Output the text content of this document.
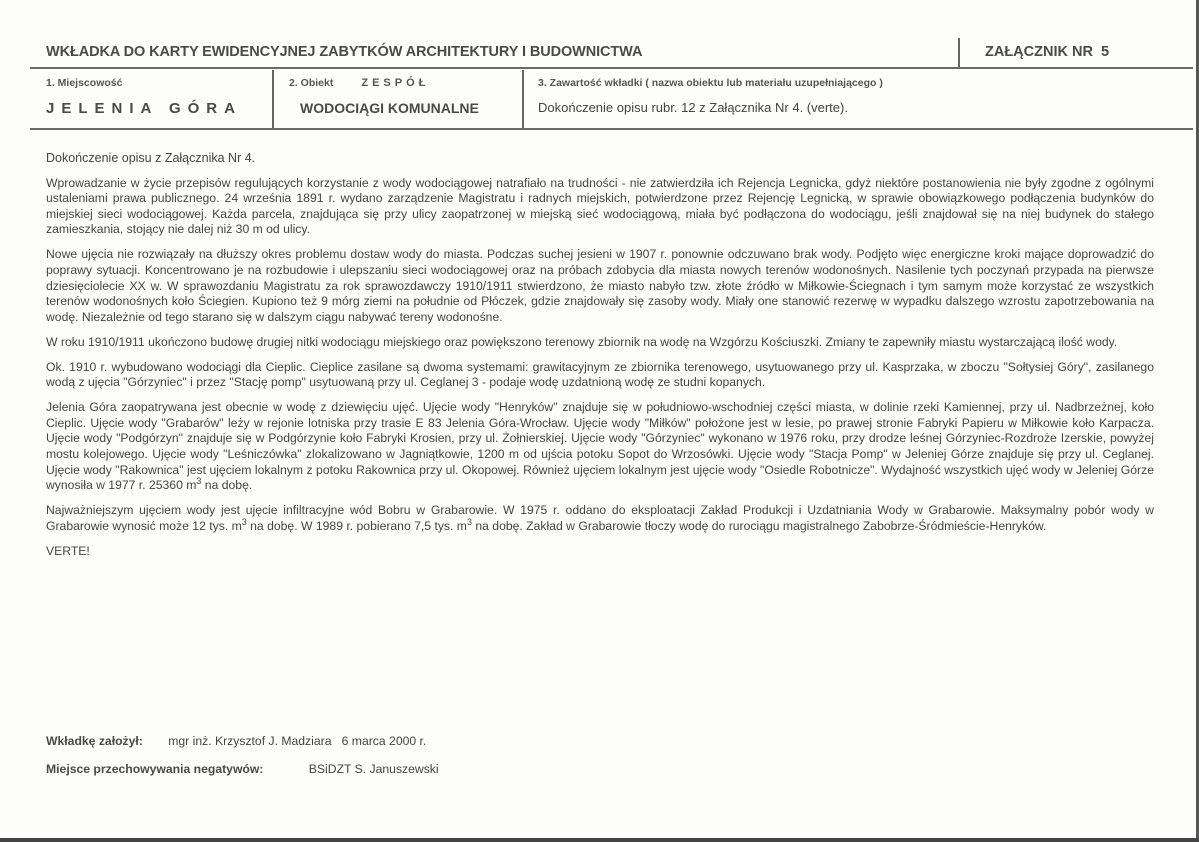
WKŁADKA DO KARTY EWIDENCYJNEJ ZABYTKÓW ARCHITEKTURY I BUDOWNICTWA	ZAŁĄCZNIK NR  5
1. Miejscowość
JELENIA GÓRA
2. Obiekt	ZESPÓŁ
WODOCIĄGI KOMUNALNE
3. Zawartość wkładki ( nazwa obiektu lub materiału uzupełniającego )
Dokończenie opisu rubr. 12 z Załącznika Nr 4. (verte).

Dokończenie opisu z Załącznika Nr 4.

Wprowadzanie w życie przepisów regulujących korzystanie z wody wodociągowej natrafiało na trudności - nie zatwierdziła ich Rejencja Legnicka, gdyż niektóre postanowienia nie były zgodne z ogólnymi ustaleniami prawa publicznego. 24 września 1891 r. wydano zarządzenie Magistratu i radnych miejskich, potwierdzone przez Rejencję Legnicką, w sprawie obowiązkowego podłączenia budynków do miejskiej sieci wodociągowej. Każda parcela, znajdująca się przy ulicy zaopatrzonej w miejską sieć wodociągową, miała być podłączona do wodociągu, jeśli znajdował się na niej budynek do stałego zamieszkania, stojący nie dalej niż 30 m od ulicy.

Nowe ujęcia nie rozwiązały na dłuższy okres problemu dostaw wody do miasta. Podczas suchej jesieni w 1907 r. ponownie odczuwano brak wody. Podjęto więc energiczne kroki mające doprowadzić do poprawy sytuacji. Koncentrowano je na rozbudowie i ulepszaniu sieci wodociągowej oraz na próbach zdobycia dla miasta nowych terenów wodonośnych. Nasilenie tych poczynań przypada na pierwsze dziesięciolecie XX w. W sprawozdaniu Magistratu za rok sprawozdawczy 1910/1911 stwierdzono, że miasto nabyło tzw. złote źródło w Miłkowie-Ściegnach i tym samym może korzystać ze wszystkich terenów wodonośnych koło Ściegien. Kupiono też 9 mórg ziemi na południe od Płóczek, gdzie znajdowały się zasoby wody. Miały one stanowić rezerwę w wypadku dalszego wzrostu zapotrzebowania na wodę. Niezależnie od tego starano się w dalszym ciągu nabywać tereny wodonośne.

W roku 1910/1911 ukończono budowę drugiej nitki wodociągu miejskiego oraz powiększono terenowy zbiornik na wodę na Wzgórzu Kościuszki. Zmiany te zapewniły miastu wystarczającą ilość wody.

Ok. 1910 r. wybudowano wodociągi dla Cieplic. Cieplice zasilane są dwoma systemami: grawitacyjnym ze zbiornika terenowego, usytuowanego przy ul. Kasprzaka, w zboczu "Sołtysiej Góry", zasilanego wodą z ujęcia "Górzyniec" i przez "Stację pomp" usytuowaną przy ul. Ceglanej 3 - podaje wodę uzdatnioną wodę ze studni kopanych.

Jelenia Góra zaopatrywana jest obecnie w wodę z dziewięciu ujęć. Ujęcie wody "Henryków" znajduje się w południowo-wschodniej części miasta, w dolinie rzeki Kamiennej, przy ul. Nadbrzeżnej, koło Cieplic. Ujęcie wody "Grabarów" leży w rejonie lotniska przy trasie E 83 Jelenia Góra-Wrocław. Ujęcie wody "Miłków" położone jest w lesie, po prawej stronie Fabryki Papieru w Miłkowie koło Karpacza. Ujęcie wody "Podgórzyn" znajduje się w Podgórzynie koło Fabryki Krosien, przy ul. Żołnierskiej. Ujęcie wody "Górzyniec" wykonano w 1976 roku, przy drodze leśnej Górzyniec-Rozdroże Izerskie, powyżej mostu kolejowego. Ujęcie wody "Leśniczówka" zlokalizowano w Jagniątkowie, 1200 m od ujścia potoku Sopot do Wrzosówki. Ujęcie wody "Stacja Pomp" w Jeleniej Górze znajduje się przy ul. Ceglanej. Ujęcie wody "Rakownica" jest ujęciem lokalnym z potoku Rakownica przy ul. Okopowej. Również ujęciem lokalnym jest ujęcie wody "Osiedle Robotnicze". Wydajność wszystkich ujęć wody w Jeleniej Górze wynosiła w 1977 r. 25360 $m^3$ na dobę.

Najważniejszym ujęciem wody jest ujęcie infiltracyjne wód Bobru w Grabarowie. W 1975 r. oddano do eksploatacji Zakład Produkcji i Uzdatniania Wody w Grabarowie. Maksymalny pobór wody w Grabarowie wynosić może 12 tys. $m^3$ na dobę. W 1989 r. pobierano 7,5 tys. $m^3$ na dobę. Zakład w Grabarowie tłoczy wodę do rurociągu magistralnego Zabobrze-Śródmieście-Henryków.

VERTE!

Wkładkę założył: mgr inż. Krzysztof J. Madziara   6 marca 2000 r.
Miejsce przechowywania negatywów:	BSiDZT S. Januszewski
